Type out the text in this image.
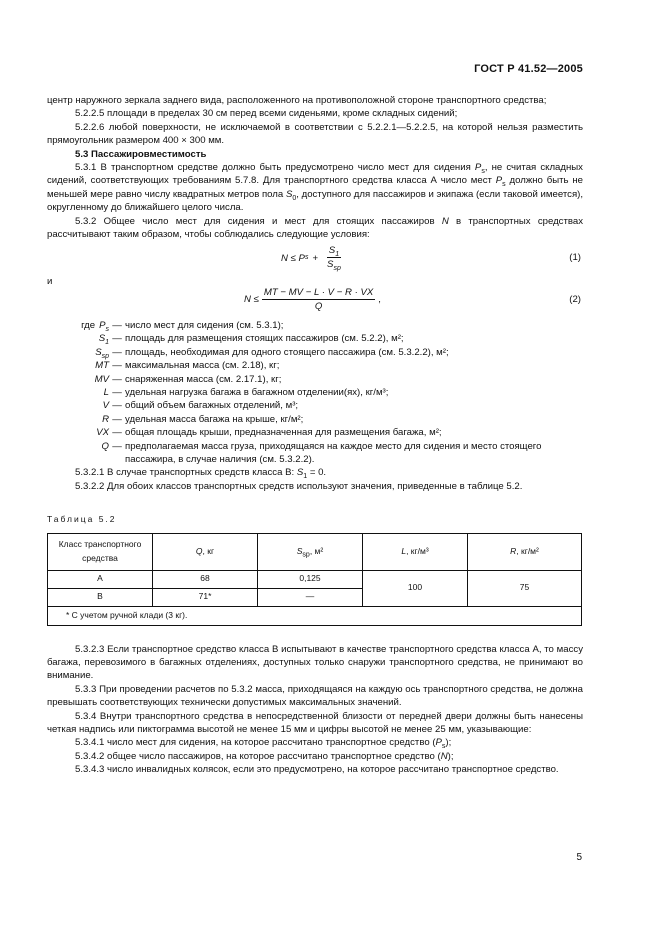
ГОСТ Р 41.52—2005

центр наружного зеркала заднего вида, расположенного на противоположной стороне транспортного средства;

5.2.2.5 площади в пределах 30 см перед всеми сиденьями, кроме складных сидений;

5.2.2.6 любой поверхности, не исключаемой в соответствии с 5.2.2.1—5.2.2.5, на которой нельзя разместить прямоугольник размером 400 × 300 мм.

5.3 Пассажировместимость

5.3.1 В транспортном средстве должно быть предусмотрено число мест для сидения $P_s$, не считая складных сидений, соответствующих требованиям 5.7.8. Для транспортного средства класса А число мест $P_s$ должно быть не меньшей мере равно числу квадратных метров пола $S_0$, доступного для пассажиров и экипажа (если таковой имеется), округленному до ближайшего целого числа.

5.3.2 Общее число мест для сидения и мест для стоящих пассажиров N в транспортных средствах рассчитывают таким образом, чтобы соблюдались следующие условия:

N ≤ P $s + \frac{S_1}{S_{sp}}$	(1)

и

$N \le \frac{MT - MV - L \cdot V - R \cdot VX}{Q}$ ,	(2)
где $P_s$ — число мест для сидения (см. 5.3.1);
$S_1$ — площадь для размещения стоящих пассажиров (см. 5.2.2), м²;
$S_{sp}$ — площадь, необходимая для одного стоящего пассажира (см. 5.3.2.2), м²;
MT — максимальная масса (см. 2.18), кг;
MV — снаряженная масса (см. 2.17.1), кг;
L — удельная нагрузка багажа в багажном отделении(ях), кг/м³;
V — общий объем багажных отделений, м³;
R — удельная масса багажа на крыше, кг/м²;
VX — общая площадь крыши, предназначенная для размещения багажа, м²;
Q — предполагаемая масса груза, приходящаяся на каждое место для сидения и место стоящего пассажира, в случае наличия (см. 5.3.2.2).

5.3.2.1 В случае транспортных средств класса В: $S_1 = 0$.

5.3.2.2 Для обоих классов транспортных средств используют значения, приведенные в таблице 5.2.

Таблица 5.2
Класс транспортного средства	Q, кг	$S_{sp}$, м²	L, кг/м³	R, кг/м²
A	68	0,125	100	75
B	71*	—		
* С учетом ручной клади (3 кг).				

5.3.2.3 Если транспортное средство класса В испытывают в качестве транспортного средства класса А, то массу багажа, перевозимого в багажных отделениях, доступных только снаружи транспортного средства, не принимают во внимание.

5.3.3 При проведении расчетов по 5.3.2 масса, приходящаяся на каждую ось транспортного средства, не должна превышать соответствующих технически допустимых максимальных значений.

5.3.4 Внутри транспортного средства в непосредственной близости от передней двери должны быть нанесены четкая надпись или пиктограмма высотой не менее 15 мм и цифры высотой не менее 25 мм, указывающие:

5.3.4.1 число мест для сидения, на которое рассчитано транспортное средство $(P_s)$;

5.3.4.2 общее число пассажиров, на которое рассчитано транспортное средство (N);

5.3.4.3 число инвалидных колясок, если это предусмотрено, на которое рассчитано транспортное средство.

5
